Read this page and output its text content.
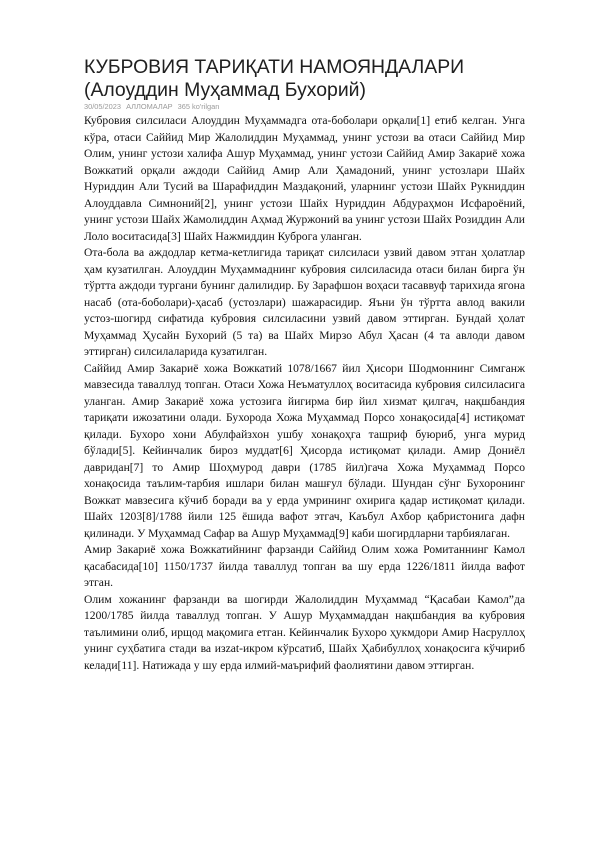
КУБРОВИЯ ТАРИҚАТИ НАМОЯНДАЛАРИ
(Алоуддин Муҳаммад Бухорий)
30/05/2023 АЛЛОМАЛАР 365 ko'rilgan

Кубровия силсиласи Алоуддин Муҳаммадга ота-боболари орқали[1] етиб келган. Унга кўра, отаси Саййид Мир Жалолиддин Муҳаммад, унинг устози ва отаси Саййид Мир Олим, унинг устози халифа Ашур Муҳаммад, унинг устози Саййид Амир Закариё хожа Вожкатий орқали аждоди Саййид Амир Али Ҳамадоний, унинг устозлари Шайх Нуриддин Али Тусий ва Шарафиддин Маздақоний, уларнинг устози Шайх Рукниддин Алоуддавла Симноний[2], унинг устози Шайх Нуриддин Абдураҳмон Исфароёний, унинг устози Шайх Жамолиддин Аҳмад Журжоний ва унинг устози Шайх Розиддин Али Лоло воситасида[3] Шайх Нажмиддин Куброга уланган.

Ота-бола ва аждодлар кетма-кетлигида тариқат силсиласи узвий давом этган ҳолатлар ҳам кузатилган. Алоуддин Муҳаммаднинг кубровия силсиласида отаси билан бирга ўн тўртта аждоди тургани бунинг далилидир. Бу Зарафшон воҳаси тасаввуф тарихида ягона насаб (ота-боболари)-ҳасаб (устозлари) шажарасидир. Яъни ўн тўртта авлод вакили устоз-шогирд сифатида кубровия силсиласини узвий давом эттирган. Бундай ҳолат Муҳаммад Ҳусайн Бухорий (5 та) ва Шайх Мирзо Абул Ҳасан (4 та авлоди давом эттирган) силсилаларида кузатилган.

Саййид Амир Закариё хожа Вожкатий 1078/1667 йил Ҳисори Шодмоннинг Симганж мавзесида таваллуд топган. Отаси Хожа Неъматуллоҳ воситасида кубровия силсиласига уланган. Амир Закариё хожа устозига йигирма бир йил хизмат қилгач, нақшбандия тариқати ижозатини олади. Бухорода Хожа Муҳаммад Порсо хонақосида[4] истиқомат қилади. Бухоро хони Абулфайзхон ушбу хонақоҳга ташриф буюриб, унга мурид бўлади[5]. Кейинчалик бироз муддат[6] Ҳисорда истиқомат қилади. Амир Дониёл давридан[7] то Амир Шоҳмурод даври (1785 йил)гача Хожа Муҳаммад Порсо хонақосида таълим-тарбия ишлари билан машғул бўлади. Шундан сўнг Бухоронинг Вожкат мавзесига кўчиб боради ва у ерда умрининг охирига қадар истиқомат қилади. Шайх 1203[8]/1788 йили 125 ёшида вафот этгач, Каъбул Ахбор қабристонига дафн қилинади. У Муҳаммад Сафар ва Ашур Муҳаммад[9] каби шогирдларни тарбиялаган.

Амир Закариё хожа Вожкатийнинг фарзанди Саййид Олим хожа Ромитаннинг Камол қасабасида[10] 1150/1737 йилда таваллуд топган ва шу ерда 1226/1811 йилда вафот этган.

Олим хожанинг фарзанди ва шогирди Жалолиддин Муҳаммад “Қасабаи Камол”да 1200/1785 йилда таваллуд топган. У Ашур Муҳаммаддан нақшбандия ва кубровия таълимини олиб, ирщод мақомига етган. Кейинчалик Бухоро ҳукмдори Амир Насруллоҳ унинг суҳбатига стади ва изzat-икром кўрсатиб, Шайх Ҳабибуллоҳ хонақосига кўчириб келади[11]. Натижада у шу ерда илмий-маърифий фаолиятини давом эттирган.
